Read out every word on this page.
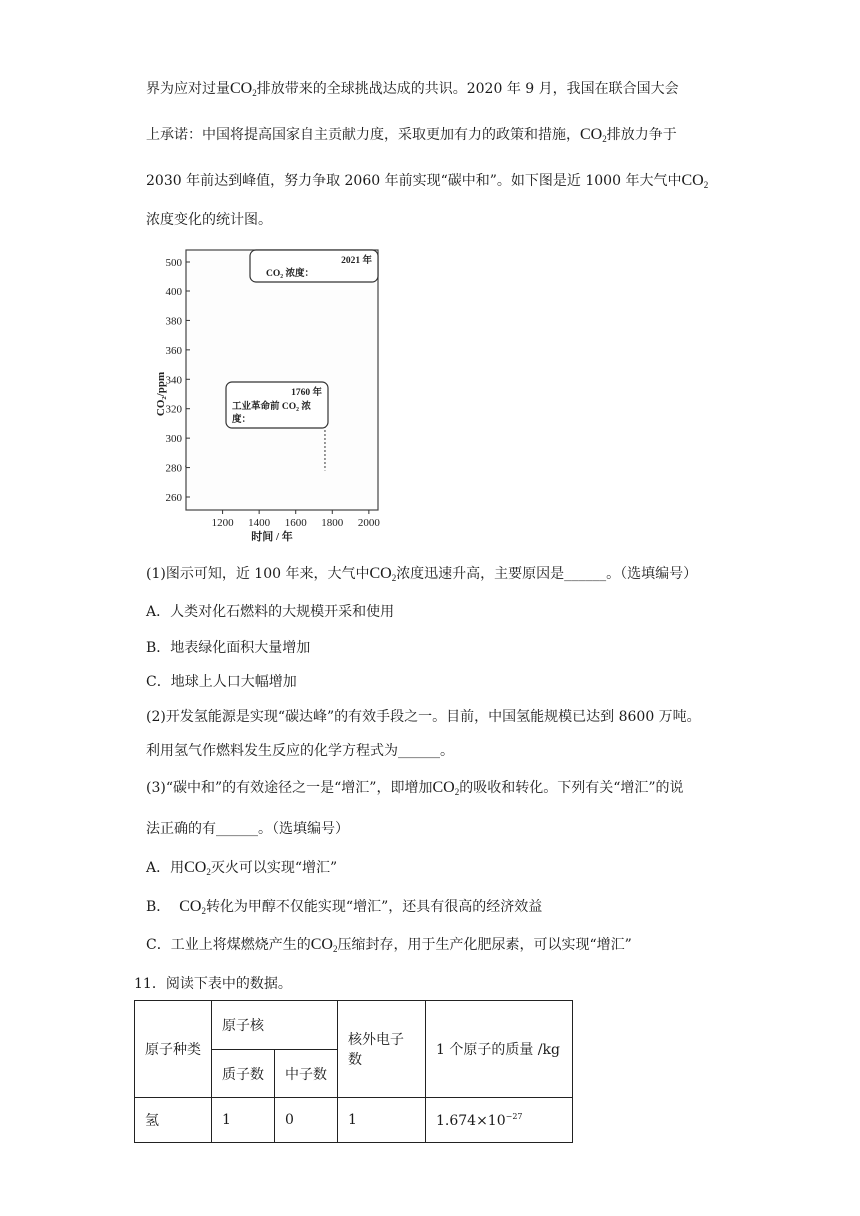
界为应对过量$CO_2$排放带来的全球挑战达成的共识。2020 年 9 月，我国在联合国大会
上承诺：中国将提高国家自主贡献力度，采取更加有力的政策和措施，$CO_2$排放力争于
2030 年前达到峰值，努力争取 2060 年前实现“碳中和”。如下图是近 1000 年大气中$CO_2$
浓度变化的统计图。
260
280
300
320
340
360
380
400
500
1200 1400 1600 1800 2000
时间 / 年
CO₂/ppm
2021 年
CO₂ 浓度：
1760 年
工业革命前 CO₂ 浓
度：
(1)图示可知，近 100 年来，大气中$CO_2$浓度迅速升高，主要原因是______。（选填编号）
A．人类对化石燃料的大规模开采和使用
B．地表绿化面积大量增加
C．地球上人口大幅增加
(2)开发氢能源是实现“碳达峰”的有效手段之一。目前，中国氢能规模已达到 8600 万吨。
利用氢气作燃料发生反应的化学方程式为______。
(3)“碳中和”的有效途径之一是“增汇”，即增加$CO_2$的吸收和转化。下列有关“增汇”的说
法正确的有______。（选填编号）
A．用$CO_2$灭火可以实现“增汇”
B． $CO_2$转化为甲醇不仅能实现“增汇”，还具有很高的经济效益
C．工业上将煤燃烧产生的$CO_2$压缩封存，用于生产化肥尿素，可以实现“增汇”
11．阅读下表中的数据。
原子种类	原子核		核外电子数	1 个原子的质量 /kg
	质子数	中子数		
氢	1	0	1	$1.674\times 10^{-27}$
